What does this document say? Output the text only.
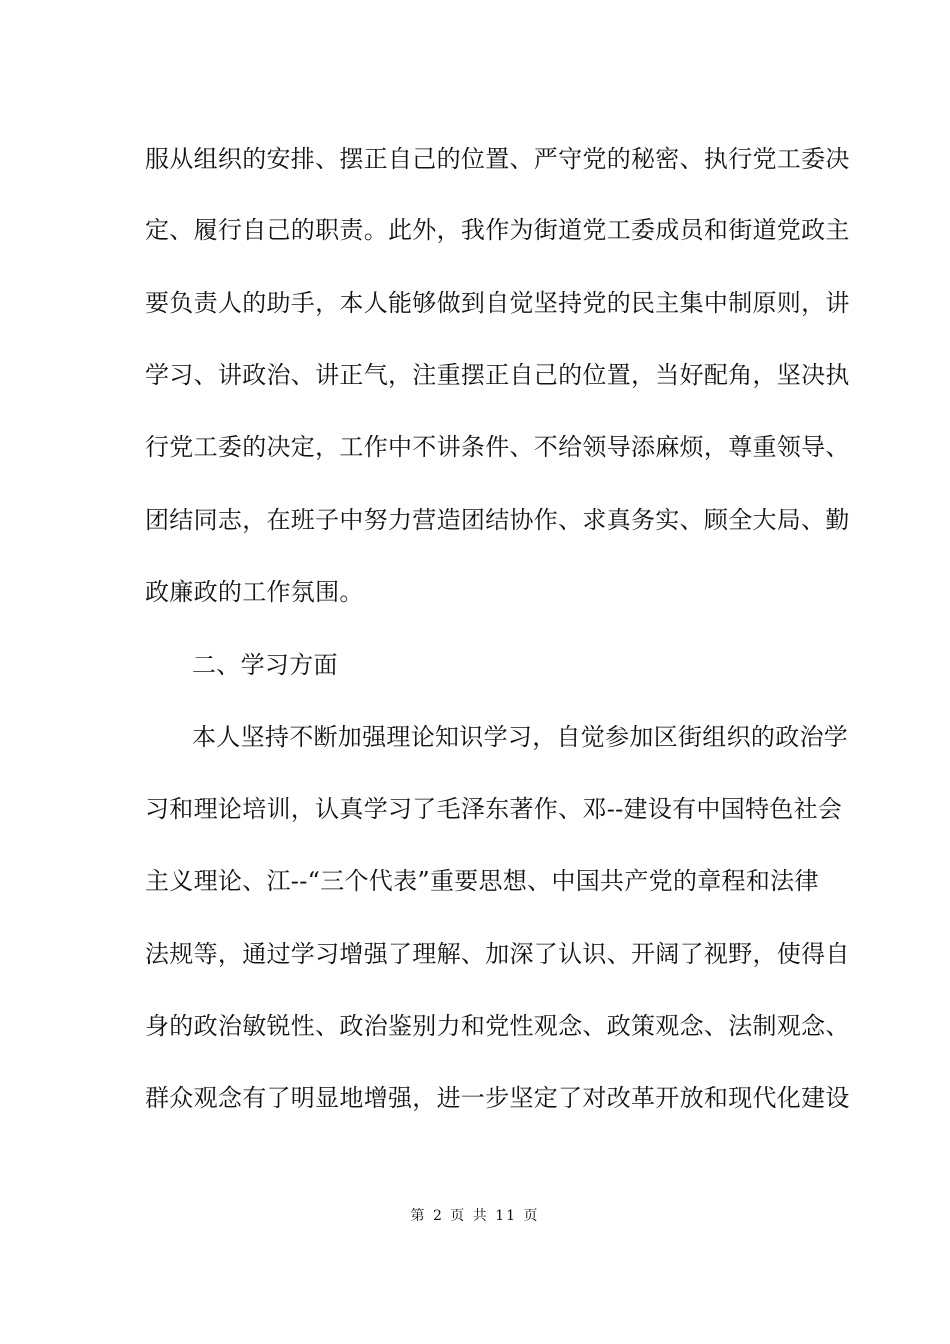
服从组织的安排、摆正自己的位置、严守党的秘密、执行党工委决
定、履行自己的职责。此外，我作为街道党工委成员和街道党政主
要负责人的助手，本人能够做到自觉坚持党的民主集中制原则，讲
学习、讲政治、讲正气，注重摆正自己的位置，当好配角，坚决执
行党工委的决定，工作中不讲条件、不给领导添麻烦，尊重领导、
团结同志，在班子中努力营造团结协作、求真务实、顾全大局、勤
政廉政的工作氛围。
二、学习方面
本人坚持不断加强理论知识学习，自觉参加区街组织的政治学
习和理论培训，认真学习了毛泽东著作、邓--建设有中国特色社会
主义理论、江--“三个代表”重要思想、中国共产党的章程和法律
法规等，通过学习增强了理解、加深了认识、开阔了视野，使得自
身的政治敏锐性、政治鉴别力和党性观念、政策观念、法制观念、
群众观念有了明显地增强，进一步坚定了对改革开放和现代化建设
第 2 页 共 11 页
